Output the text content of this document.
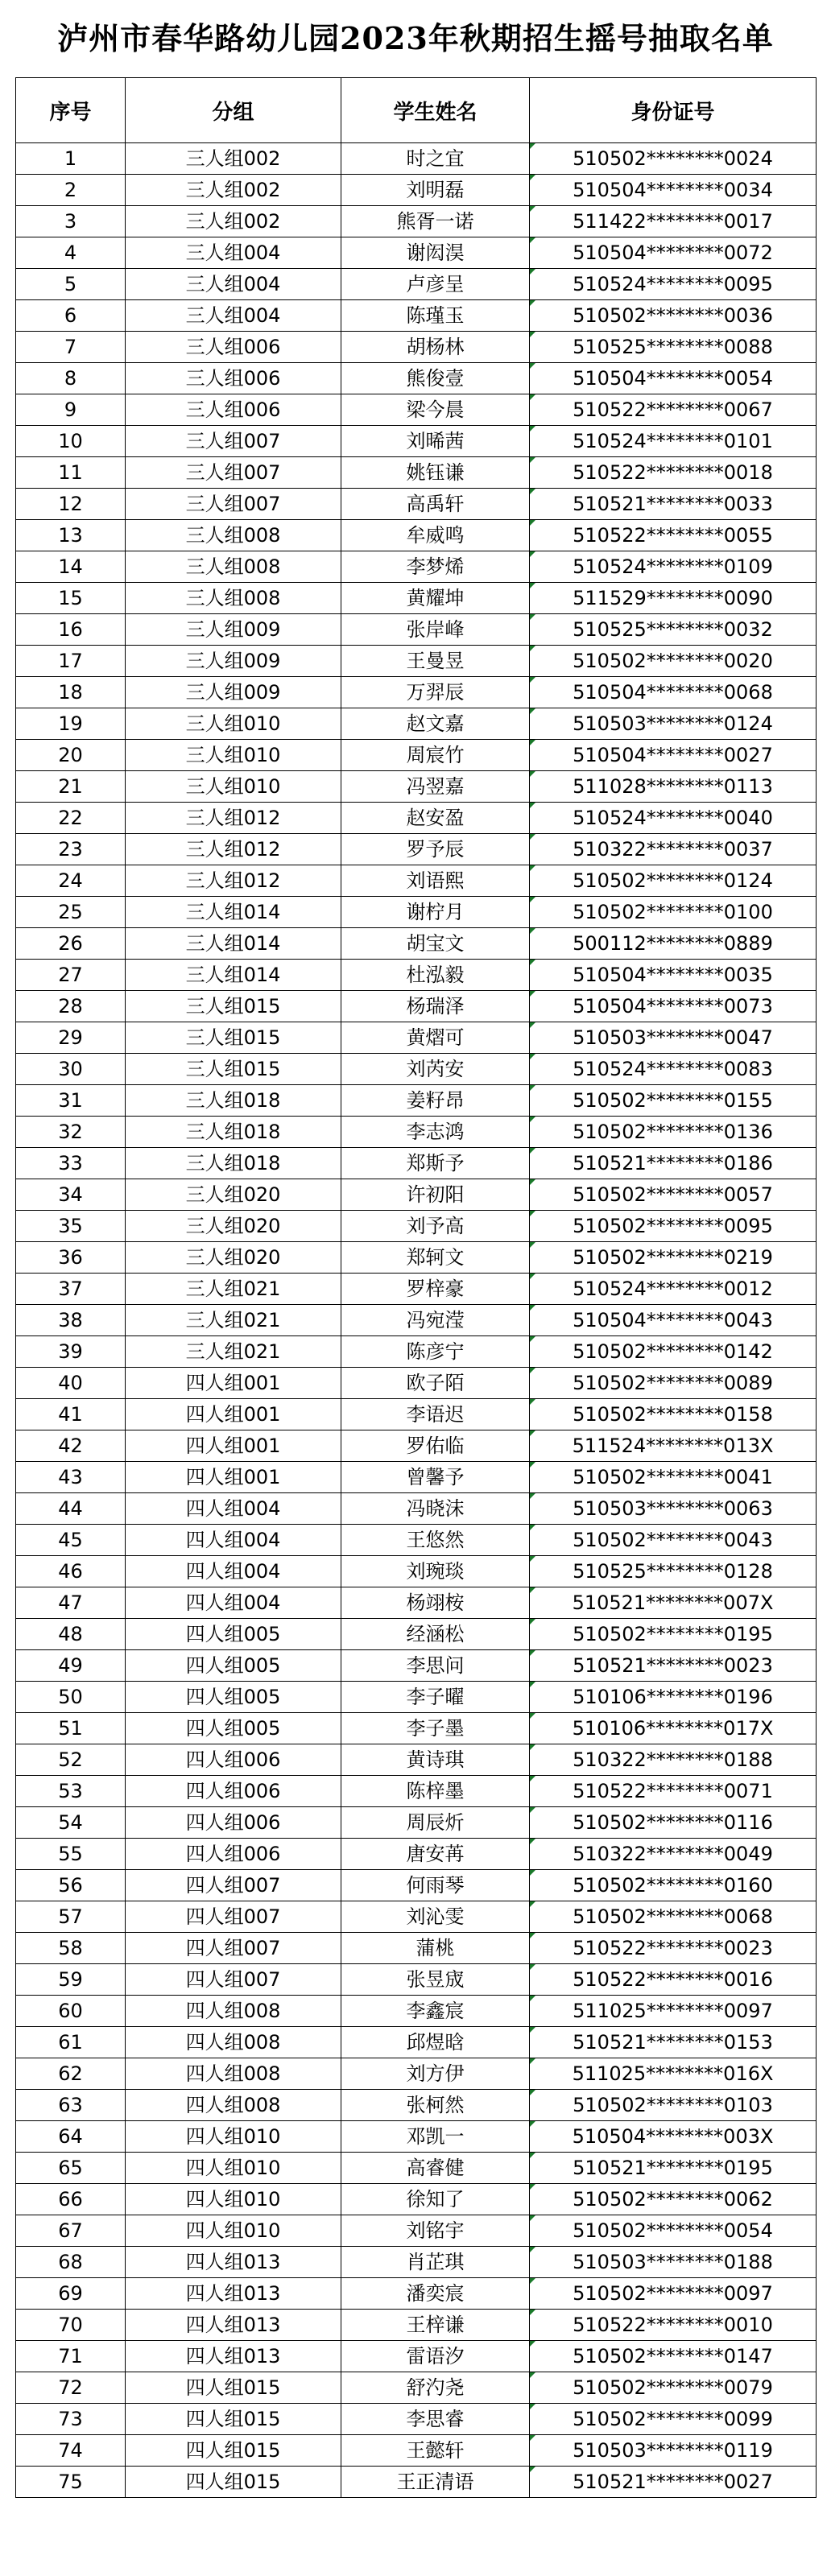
泸州市春华路幼儿园2023年秋期招生摇号抽取名单
序号	分组	学生姓名	身份证号
1	三人组002	时之宜	510502********0024
2	三人组002	刘明磊	510504********0034
3	三人组002	熊胥一诺	511422********0017
4	三人组004	谢闳淏	510504********0072
5	三人组004	卢彦呈	510524********0095
6	三人组004	陈瑾玉	510502********0036
7	三人组006	胡杨林	510525********0088
8	三人组006	熊俊壹	510504********0054
9	三人组006	梁今晨	510522********0067
10	三人组007	刘晞茜	510524********0101
11	三人组007	姚钰谦	510522********0018
12	三人组007	高禹轩	510521********0033
13	三人组008	牟威鸣	510522********0055
14	三人组008	李梦烯	510524********0109
15	三人组008	黄耀坤	511529********0090
16	三人组009	张岸峰	510525********0032
17	三人组009	王曼昱	510502********0020
18	三人组009	万羿辰	510504********0068
19	三人组010	赵文嘉	510503********0124
20	三人组010	周宸竹	510504********0027
21	三人组010	冯翌嘉	511028********0113
22	三人组012	赵安盈	510524********0040
23	三人组012	罗予辰	510322********0037
24	三人组012	刘语熙	510502********0124
25	三人组014	谢柠月	510502********0100
26	三人组014	胡宝文	500112********0889
27	三人组014	杜泓毅	510504********0035
28	三人组015	杨瑞泽	510504********0073
29	三人组015	黄熠可	510503********0047
30	三人组015	刘芮安	510524********0083
31	三人组018	姜籽昂	510502********0155
32	三人组018	李志鸿	510502********0136
33	三人组018	郑斯予	510521********0186
34	三人组020	许初阳	510502********0057
35	三人组020	刘予高	510502********0095
36	三人组020	郑轲文	510502********0219
37	三人组021	罗梓豪	510524********0012
38	三人组021	冯宛滢	510504********0043
39	三人组021	陈彦宁	510502********0142
40	四人组001	欧子陌	510502********0089
41	四人组001	李语迟	510502********0158
42	四人组001	罗佑临	511524********013X
43	四人组001	曾馨予	510502********0041
44	四人组004	冯晓沫	510503********0063
45	四人组004	王悠然	510502********0043
46	四人组004	刘琬琰	510525********0128
47	四人组004	杨翊桉	510521********007X
48	四人组005	经涵松	510502********0195
49	四人组005	李思问	510521********0023
50	四人组005	李子曜	510106********0196
51	四人组005	李子墨	510106********017X
52	四人组006	黄诗琪	510322********0188
53	四人组006	陈梓墨	510522********0071
54	四人组006	周辰炘	510502********0116
55	四人组006	唐安苒	510322********0049
56	四人组007	何雨琴	510502********0160
57	四人组007	刘沁雯	510502********0068
58	四人组007	蒲桃	510522********0023
59	四人组007	张昱宬	510522********0016
60	四人组008	李鑫宸	511025********0097
61	四人组008	邱煜晗	510521********0153
62	四人组008	刘方伊	511025********016X
63	四人组008	张柯然	510502********0103
64	四人组010	邓凯一	510504********003X
65	四人组010	高睿健	510521********0195
66	四人组010	徐知了	510502********0062
67	四人组010	刘铭宇	510502********0054
68	四人组013	肖芷琪	510503********0188
69	四人组013	潘奕宸	510502********0097
70	四人组013	王梓谦	510522********0010
71	四人组013	雷语汐	510502********0147
72	四人组015	舒汋尧	510502********0079
73	四人组015	李思睿	510502********0099
74	四人组015	王懿轩	510503********0119
75	四人组015	王正清语	510521********0027
